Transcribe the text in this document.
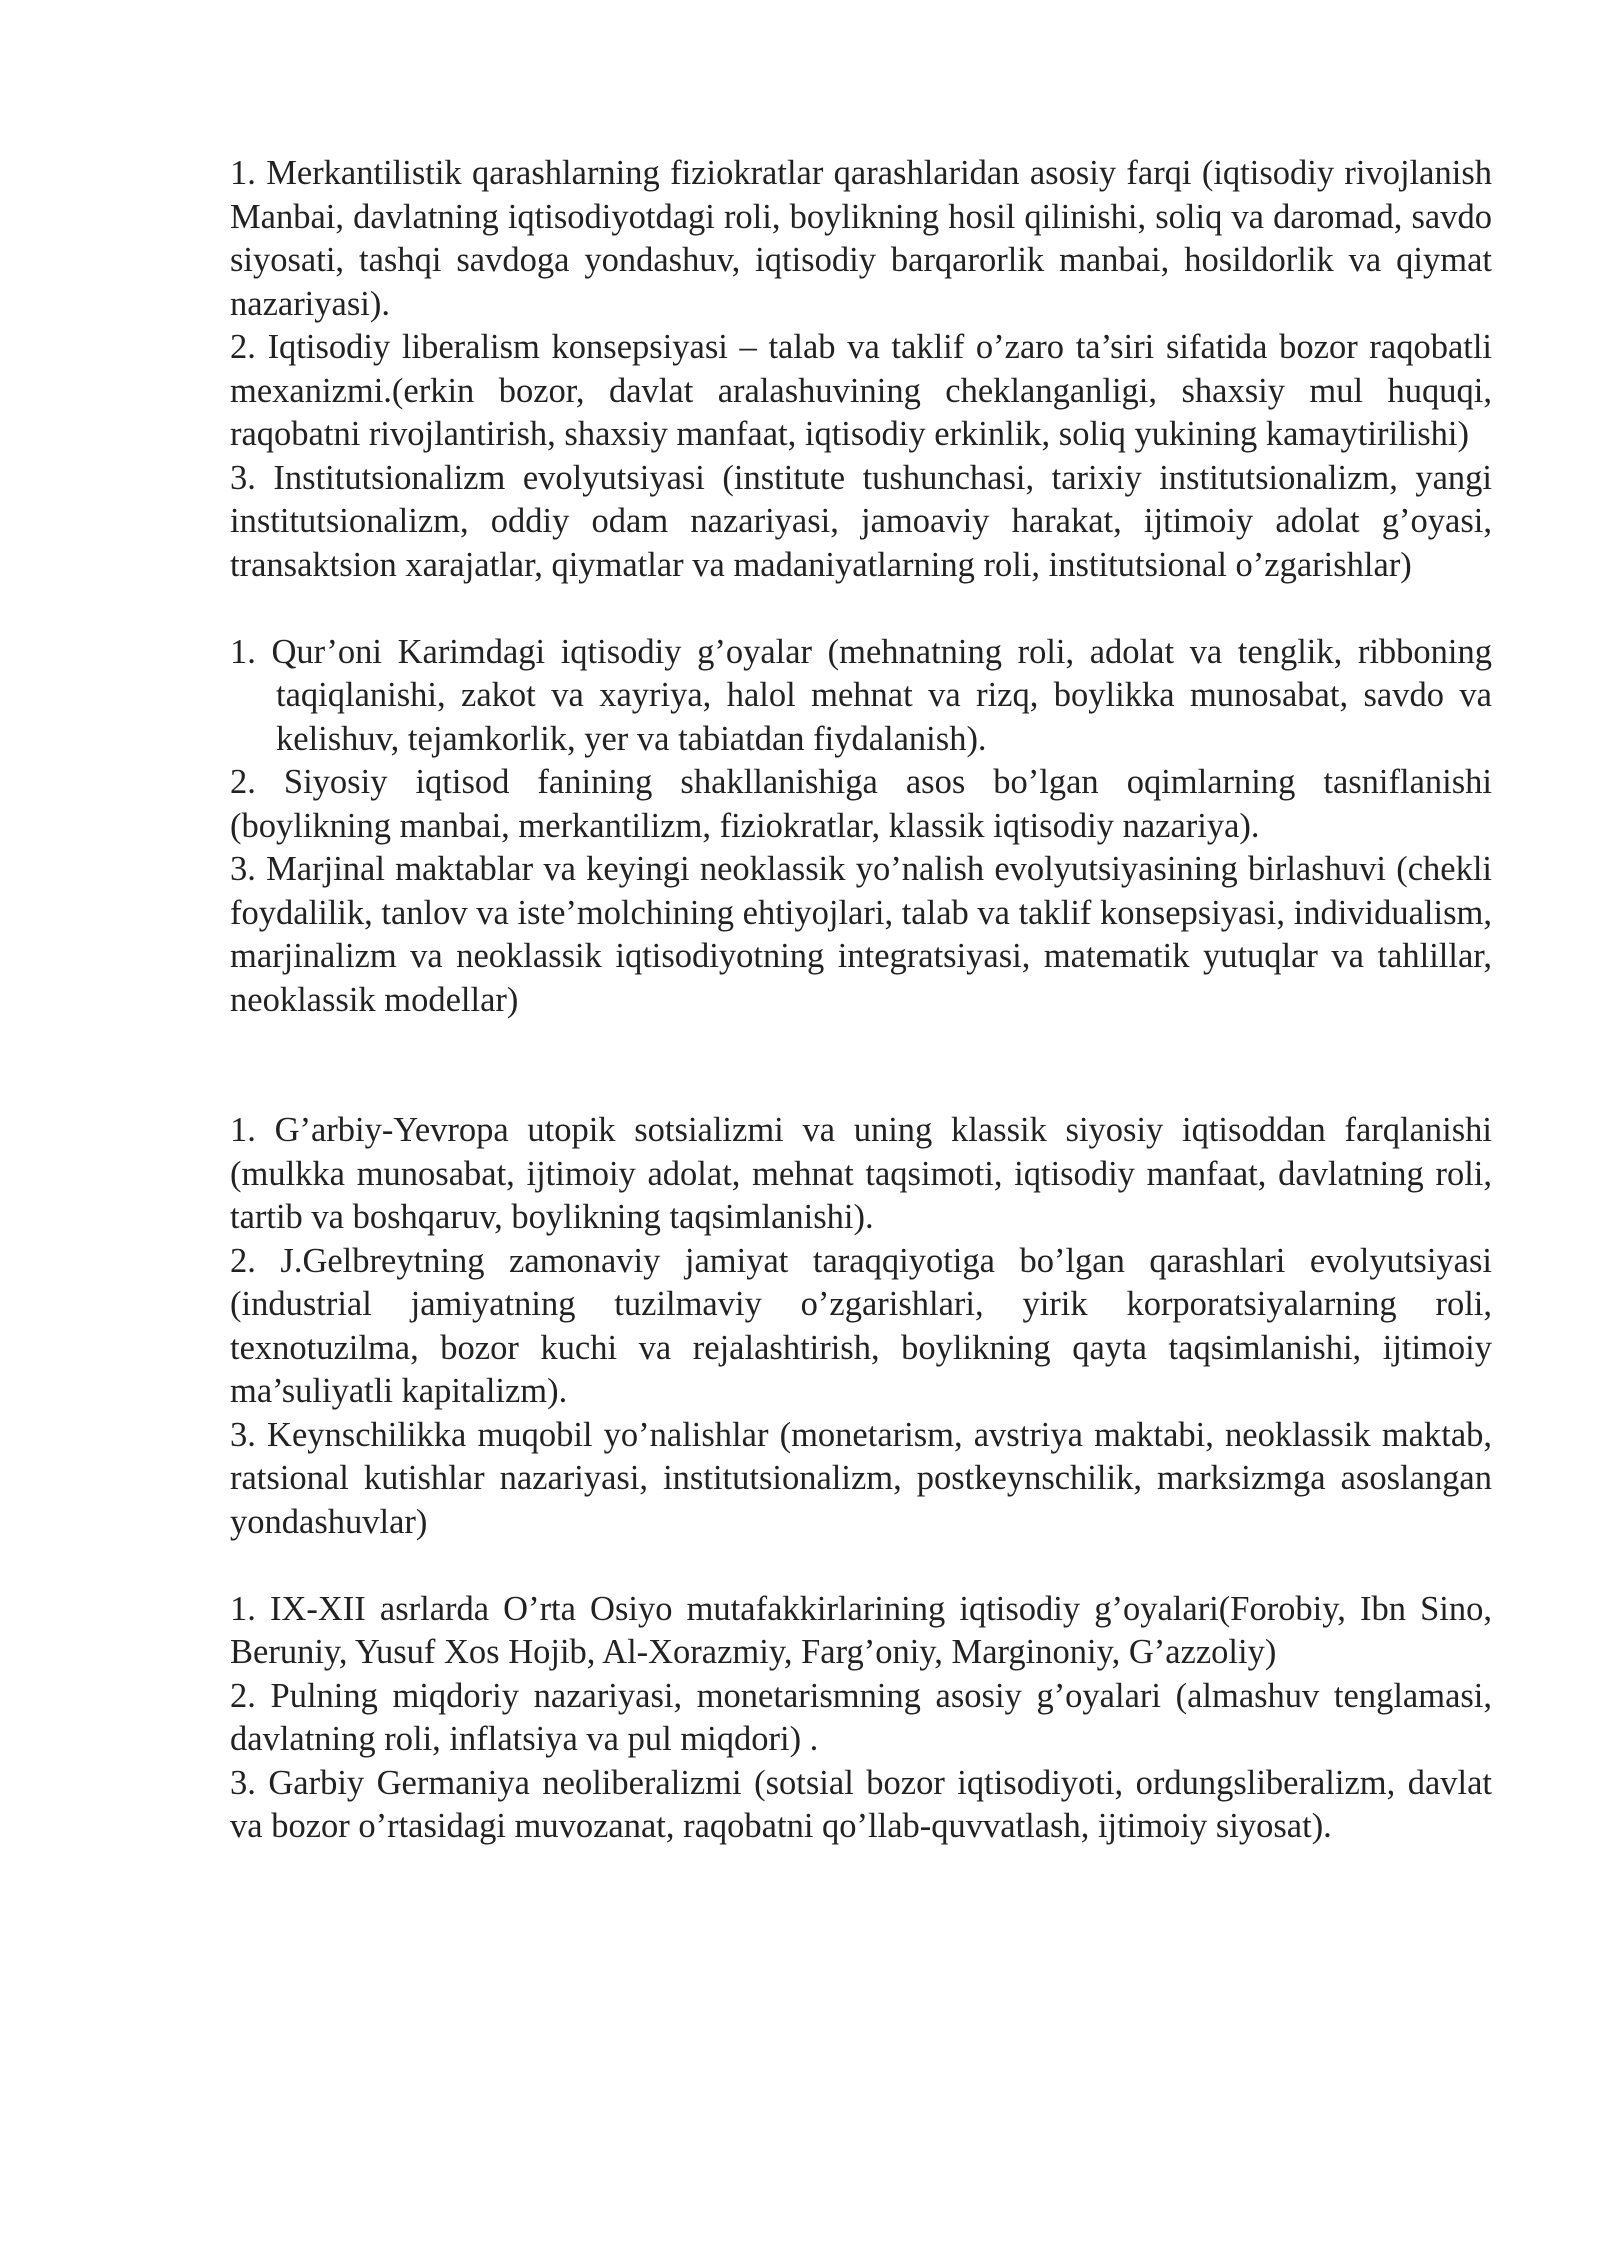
1. Merkantilistik qarashlarning fiziokratlar qarashlaridan asosiy farqi (iqtisodiy rivojlanish Manbai, davlatning iqtisodiyotdagi roli, boylikning hosil qilinishi, soliq va daromad, savdo siyosati, tashqi savdoga yondashuv, iqtisodiy barqarorlik manbai, hosildorlik va qiymat nazariyasi).

2. Iqtisodiy liberalism konsepsiyasi – talab va taklif o’zaro ta’siri sifatida bozor raqobatli mexanizmi.(erkin bozor, davlat aralashuvining cheklanganligi, shaxsiy mul huquqi, raqobatni rivojlantirish, shaxsiy manfaat, iqtisodiy erkinlik, soliq yukining kamaytirilishi)

3. Institutsionalizm evolyutsiyasi (institute tushunchasi, tarixiy institutsionalizm, yangi institutsionalizm, oddiy odam nazariyasi, jamoaviy harakat, ijtimoiy adolat g’oyasi, transaktsion xarajatlar, qiymatlar va madaniyatlarning roli, institutsional o’zgarishlar)

1. Qur’oni Karimdagi iqtisodiy g’oyalar (mehnatning roli, adolat va tenglik, ribboning taqiqlanishi, zakot va xayriya, halol mehnat va rizq, boylikka munosabat, savdo va kelishuv, tejamkorlik, yer va tabiatdan fiydalanish).

2. Siyosiy iqtisod fanining shakllanishiga asos bo’lgan oqimlarning tasniflanishi (boylikning manbai, merkantilizm, fiziokratlar, klassik iqtisodiy nazariya).

3. Marjinal maktablar va keyingi neoklassik yo’nalish evolyutsiyasining birlashuvi (chekli foydalilik, tanlov va iste’molchining ehtiyojlari, talab va taklif konsepsiyasi, individualism, marjinalizm va neoklassik iqtisodiyotning integratsiyasi, matematik yutuqlar va tahlillar, neoklassik modellar)

1. G’arbiy-Yevropa utopik sotsializmi va uning klassik siyosiy iqtisoddan farqlanishi (mulkka munosabat, ijtimoiy adolat, mehnat taqsimoti, iqtisodiy manfaat, davlatning roli, tartib va boshqaruv, boylikning taqsimlanishi).

2. J.Gelbreytning zamonaviy jamiyat taraqqiyotiga bo’lgan qarashlari evolyutsiyasi (industrial jamiyatning tuzilmaviy o’zgarishlari, yirik korporatsiyalarning roli, texnotuzilma, bozor kuchi va rejalashtirish, boylikning qayta taqsimlanishi, ijtimoiy ma’suliyatli kapitalizm).

3. Keynschilikka muqobil yo’nalishlar (monetarism, avstriya maktabi, neoklassik maktab, ratsional kutishlar nazariyasi, institutsionalizm, postkeynschilik, marksizmga asoslangan yondashuvlar)

1. IX-XII asrlarda O’rta Osiyo mutafakkirlarining iqtisodiy g’oyalari(Forobiy, Ibn Sino, Beruniy, Yusuf Xos Hojib, Al-Xorazmiy, Farg’oniy, Marginoniy, G’azzoliy)

2. Pulning miqdoriy nazariyasi, monetarismning asosiy g’oyalari (almashuv tenglamasi, davlatning roli, inflatsiya va pul miqdori) .

3. Garbiy Germaniya neoliberalizmi (sotsial bozor iqtisodiyoti, ordungsliberalizm, davlat va bozor o’rtasidagi muvozanat, raqobatni qo’llab-quvvatlash, ijtimoiy siyosat).
